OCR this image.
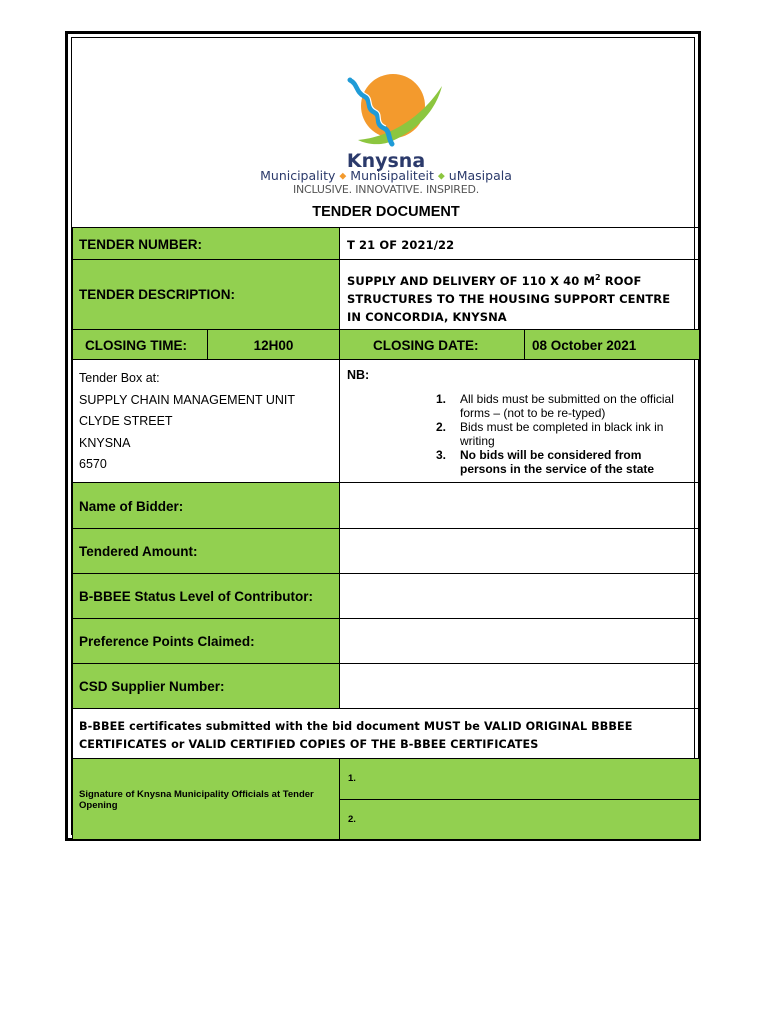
Knysna
Municipality ◆ Munisipaliteit ◆ uMasipala
INCLUSIVE. INNOVATIVE. INSPIRED.
TENDER DOCUMENT
TENDER NUMBER:	T 21 OF 2021/22
TENDER DESCRIPTION:
SUPPLY AND DELIVERY OF 110 X 40 $M^2$ ROOF STRUCTURES TO THE HOUSING SUPPORT CENTRE IN CONCORDIA, KNYSNA
CLOSING TIME:	12H00	CLOSING DATE:	08 October 2021
Tender Box at:
SUPPLY CHAIN MANAGEMENT UNIT
CLYDE STREET
KNYSNA
6570
NB:
1. All bids must be submitted on the official forms – (not to be re-typed)
2. Bids must be completed in black ink in writing
3. No bids will be considered from persons in the service of the state
Name of Bidder:
Tendered Amount:
B-BBEE Status Level of Contributor:
Preference Points Claimed:
CSD Supplier Number:
B-BBEE certificates submitted with the bid document MUST be VALID ORIGINAL BBBEE CERTIFICATES or VALID CERTIFIED COPIES OF THE B-BBEE CERTIFICATES
Signature of Knysna Municipality Officials at Tender Opening
1.
2.
